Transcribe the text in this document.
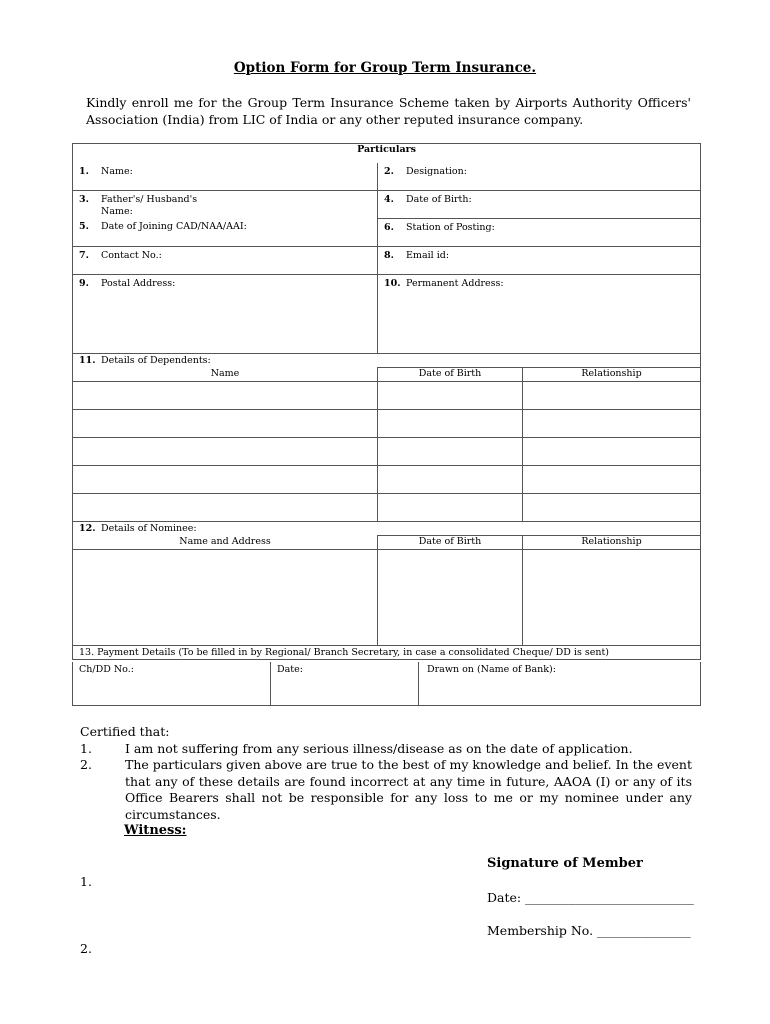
Option Form for Group Term Insurance.
Kindly enroll me for the Group Term Insurance Scheme taken by Airports Authority Officers' Association (India) from LIC of India or any other reputed insurance company.
Particulars		

1. Name:	2. Designation:	

3. Father's/ Husband's Name:	4. Date of Birth:	

5. Date of Joining CAD/NAA/AAI:	6. Station of Posting:	

7. Contact No.:	8. Email id:	

9. Postal Address:	10. Permanent Address:	

11. Details of Dependents:		

Name	Date of Birth	Relationship

12. Details of Nominee:		

Name and Address	Date of Birth	Relationship

13. Payment Details (To be filled in by Regional/ Branch Secretary, in case a consolidated Cheque/ DD is sent)		
Ch/DD No.:	Date:	Drawn on (Name of Bank):
Certified that:
1.	I am not suffering from any serious illness/disease as on the date of application.
2.	The particulars given above are true to the best of my knowledge and belief. In the event that any of these details are found incorrect at any time in future, AAOA (I) or any of its Office Bearers shall not be responsible for any loss to me or my nominee under any circumstances.
Witness:
1.
2.
Signature of Member
Date: ___________________________
Membership No. _______________
